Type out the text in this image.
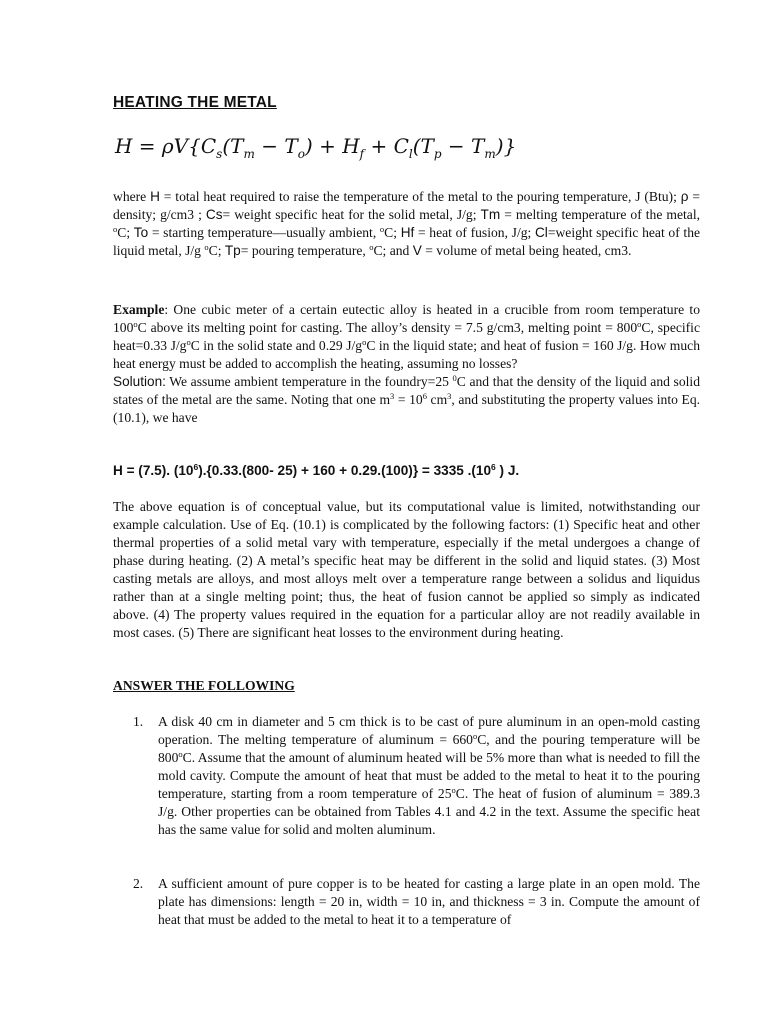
HEATING THE METAL
$H = \rho V\{C_s(T_m - T_o) + H_f + C_l(T_p - T_m)\}$

where H = total heat required to raise the temperature of the metal to the pouring temperature, J (Btu); ρ = density; g/cm3 ; Cs= weight specific heat for the solid metal, J/g; Tm = melting temperature of the metal, $^o$C; To = starting temperature—usually ambient, $^o$C; Hf = heat of fusion, J/g; Cl=weight specific heat of the liquid metal, J/g $^o$C; Tp= pouring temperature, $^o$C; and V = volume of metal being heated, cm3.

Example: One cubic meter of a certain eutectic alloy is heated in a crucible from room temperature to 100$^o$C above its melting point for casting. The alloy’s density = 7.5 g/cm3, melting point = $800^oC$, specific heat=0.33 $J/g^oC$ in the solid state and 0.29 $J/g^oC$ in the liquid state; and heat of fusion = 160 J/g. How much heat energy must be added to accomplish the heating, assuming no losses?
Solution: We assume ambient temperature in the foundry=25 $^0$C and that the density of the liquid and solid states of the metal are the same. Noting that one $m^3 = 10^6$ $cm^3$, and substituting the property values into Eq. (10.1), we have

H = (7.5). $(10^6).\{0.33.(800-$ 25) + 160 + 0.29.(100)} = 3335 $.(10^6$ ) J.

The above equation is of conceptual value, but its computational value is limited, notwithstanding our example calculation. Use of Eq. (10.1) is complicated by the following factors: (1) Specific heat and other thermal properties of a solid metal vary with temperature, especially if the metal undergoes a change of phase during heating. (2) A metal’s specific heat may be different in the solid and liquid states. (3) Most casting metals are alloys, and most alloys melt over a temperature range between a solidus and liquidus rather than at a single melting point; thus, the heat of fusion cannot be applied so simply as indicated above. (4) The property values required in the equation for a particular alloy are not readily available in most cases. (5) There are significant heat losses to the environment during heating.

ANSWER THE FOLLOWING
1. A disk 40 cm in diameter and 5 cm thick is to be cast of pure aluminum in an open-mold casting operation. The melting temperature of aluminum = $660^oC$, and the pouring temperature will be 800$^o$C. Assume that the amount of aluminum heated will be 5% more than what is needed to fill the mold cavity. Compute the amount of heat that must be added to the metal to heat it to the pouring temperature, starting from a room temperature of 25$^o$C. The heat of fusion of aluminum = 389.3 J/g. Other properties can be obtained from Tables 4.1 and 4.2 in the text. Assume the specific heat has the same value for solid and molten aluminum.
2. A sufficient amount of pure copper is to be heated for casting a large plate in an open mold. The plate has dimensions: length = 20 in, width = 10 in, and thickness = 3 in. Compute the amount of heat that must be added to the metal to heat it to a temperature of
